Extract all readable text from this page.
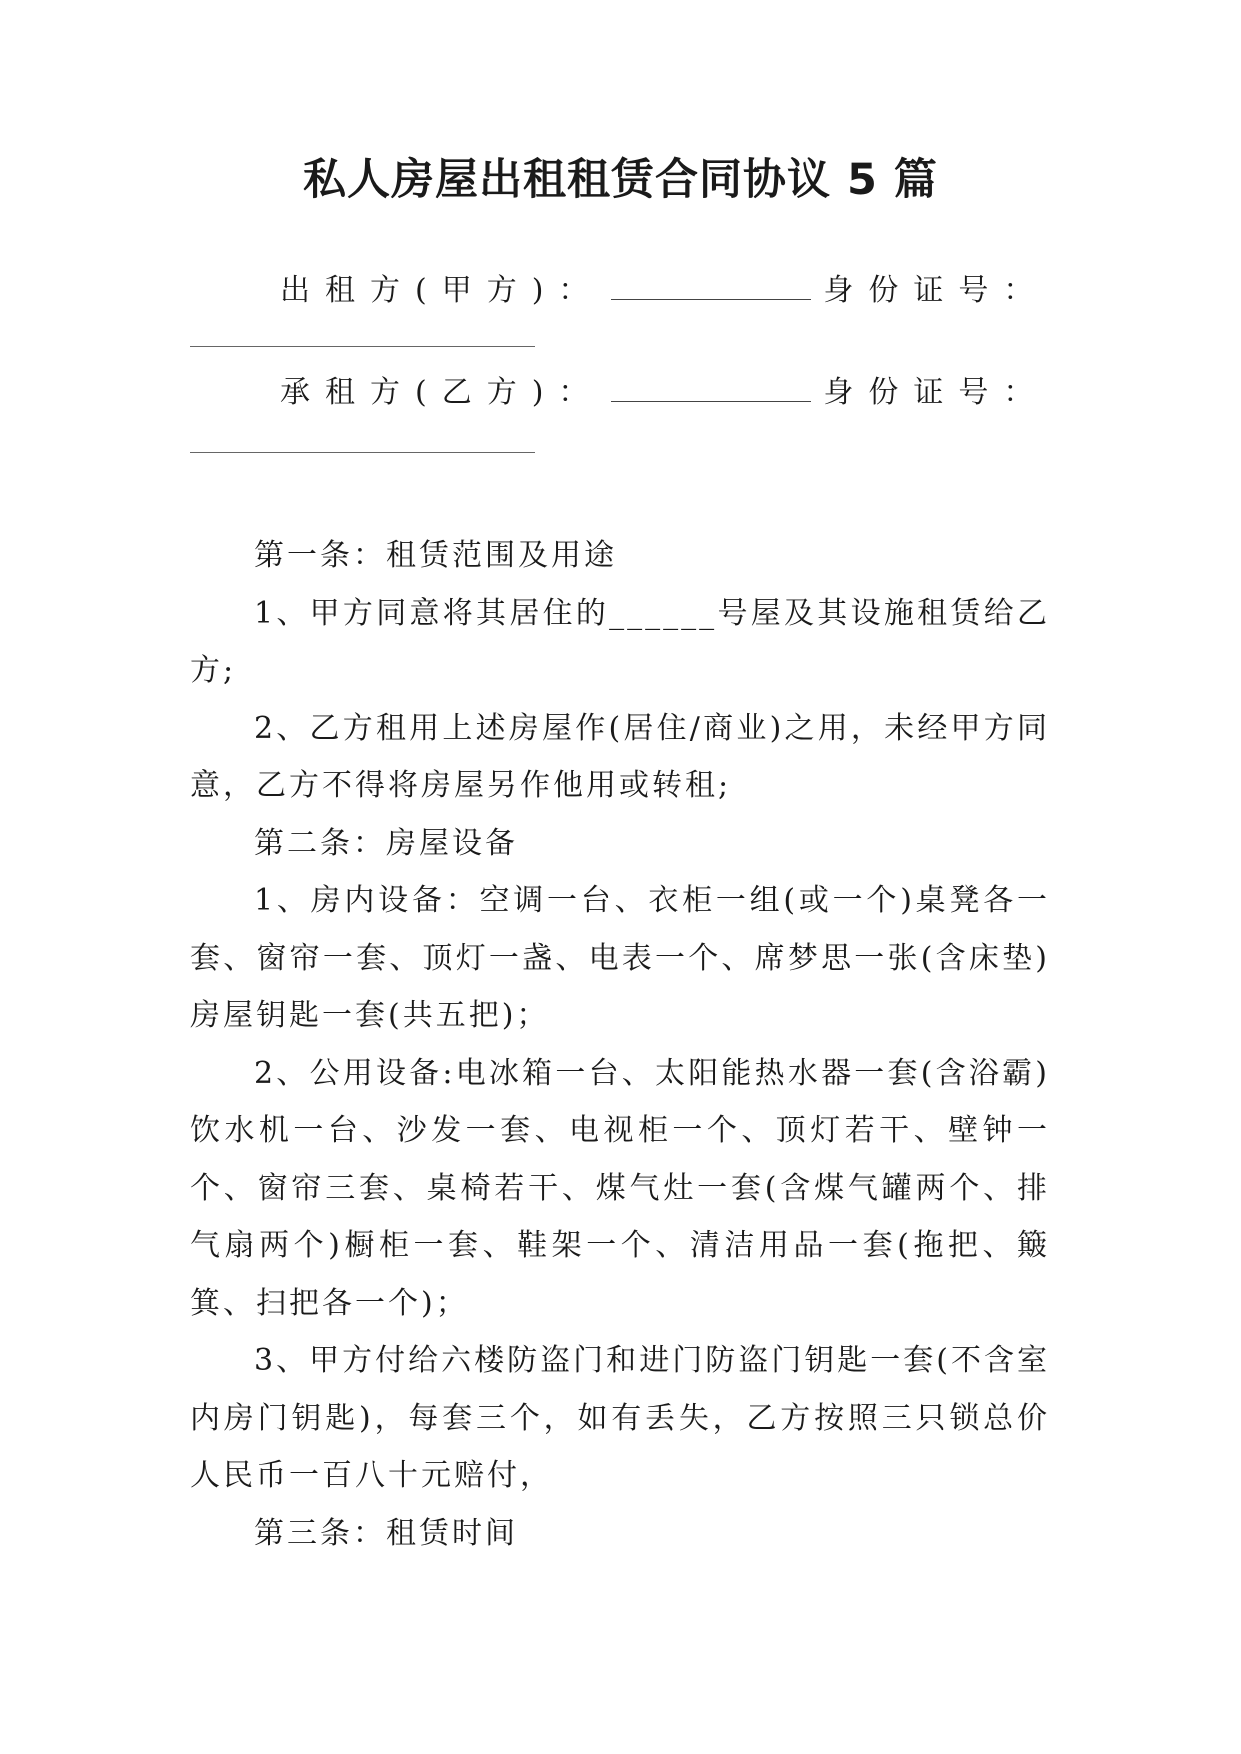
私人房屋出租租赁合同协议 5 篇
出租方(甲方)：	身份证号：
承租方(乙方)：	身份证号：

第一条：租赁范围及用途

1、甲方同意将其居住的______号屋及其设施租赁给乙方;

2、乙方租用上述房屋作(居住/商业)之用，未经甲方同意，乙方不得将房屋另作他用或转租;

第二条：房屋设备

1、房内设备：空调一台、衣柜一组(或一个)桌凳各一套、窗帘一套、顶灯一盏、电表一个、席梦思一张(含床垫)房屋钥匙一套(共五把)；

2、公用设备:电冰箱一台、太阳能热水器一套(含浴霸)饮水机一台、沙发一套、电视柜一个、顶灯若干、壁钟一个、窗帘三套、桌椅若干、煤气灶一套(含煤气罐两个、排气扇两个)橱柜一套、鞋架一个、清洁用品一套(拖把、簸箕、扫把各一个)；

3、甲方付给六楼防盗门和进门防盗门钥匙一套(不含室内房门钥匙)，每套三个，如有丢失，乙方按照三只锁总价人民币一百八十元赔付，

第三条：租赁时间
